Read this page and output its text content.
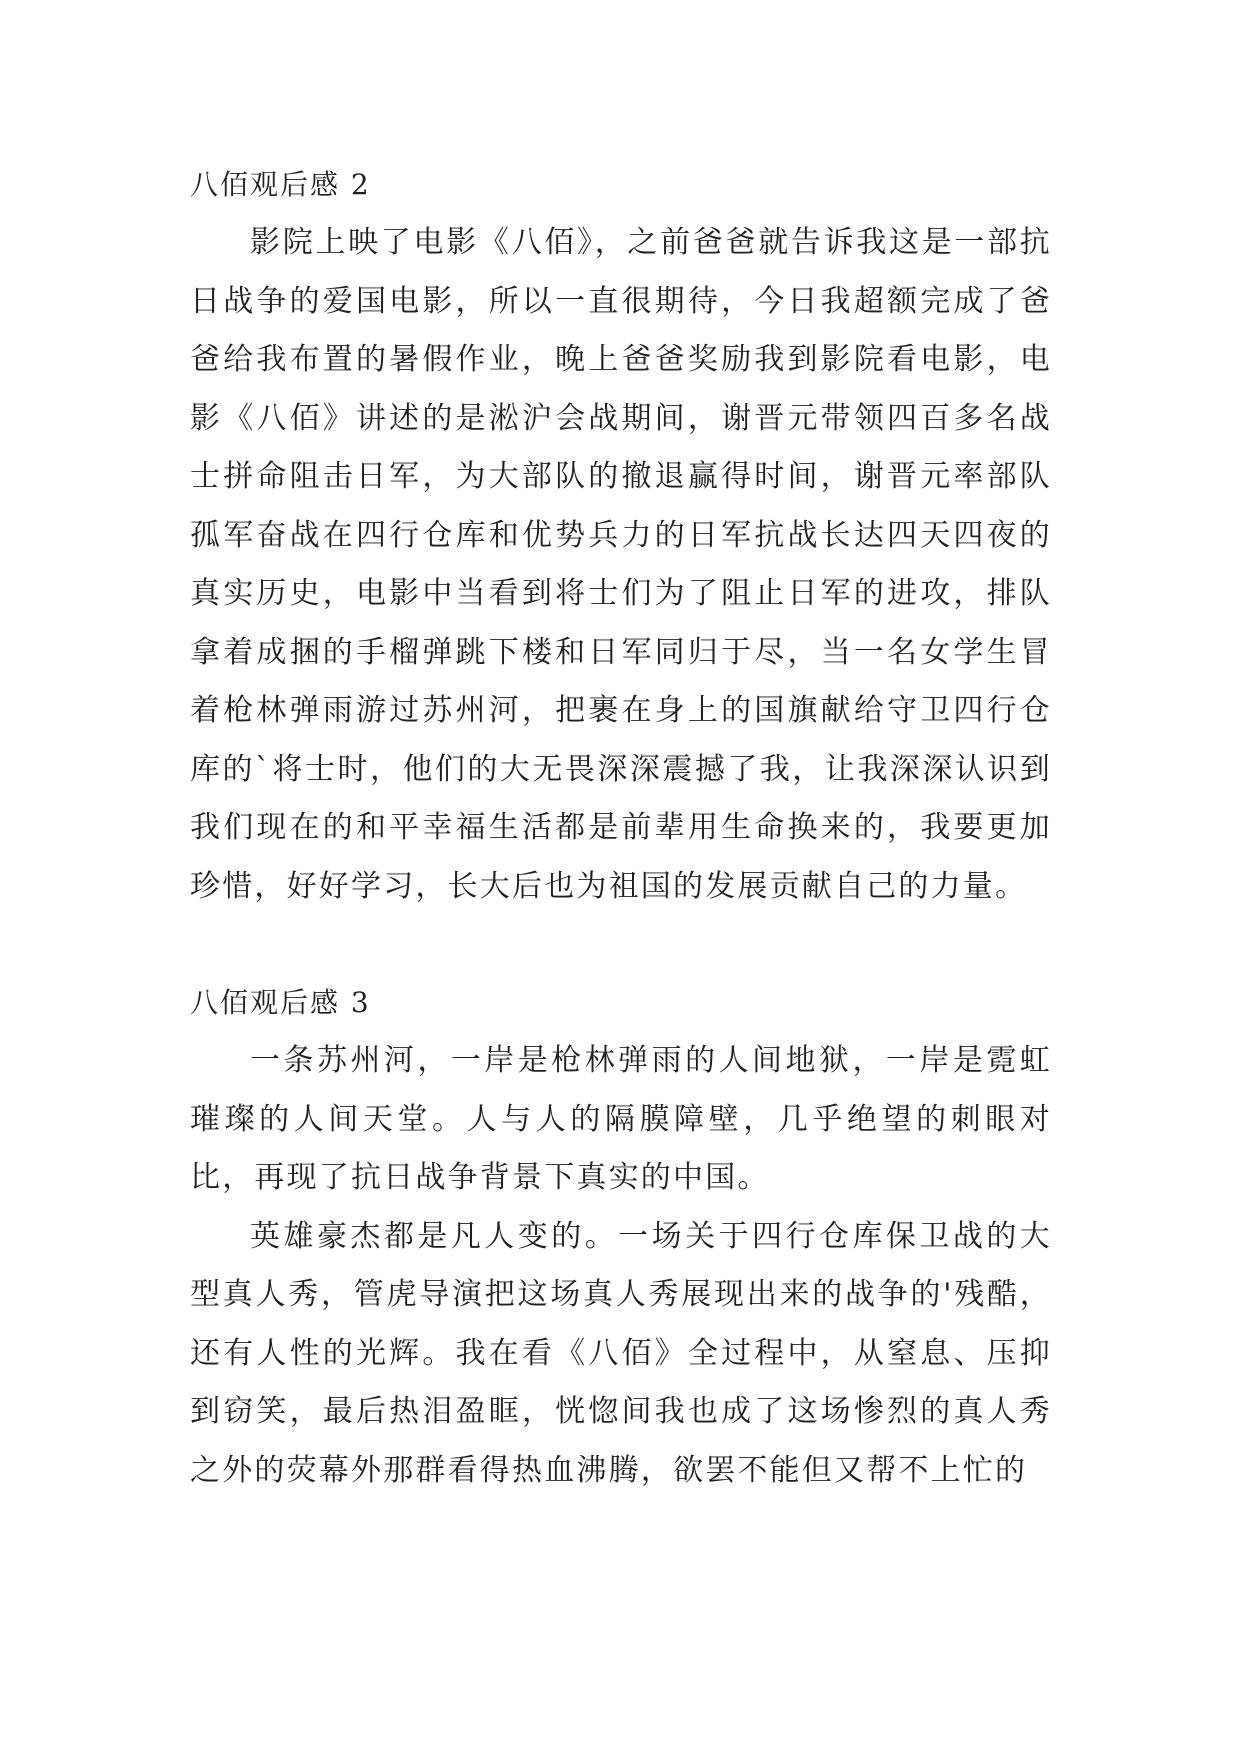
八佰观后感 2

影院上映了电影《八佰》，之前爸爸就告诉我这是一部抗日战争的爱国电影，所以一直很期待，今日我超额完成了爸爸给我布置的暑假作业，晚上爸爸奖励我到影院看电影，电影《八佰》讲述的是淞沪会战期间，谢晋元带领四百多名战士拼命阻击日军，为大部队的撤退赢得时间，谢晋元率部队孤军奋战在四行仓库和优势兵力的日军抗战长达四天四夜的真实历史，电影中当看到将士们为了阻止日军的进攻，排队拿着成捆的手榴弹跳下楼和日军同归于尽，当一名女学生冒着枪林弹雨游过苏州河，把裹在身上的国旗献给守卫四行仓库的`将士时，他们的大无畏深深震撼了我，让我深深认识到我们现在的和平幸福生活都是前辈用生命换来的，我要更加珍惜，好好学习，长大后也为祖国的发展贡献自己的力量。

八佰观后感 3

一条苏州河，一岸是枪林弹雨的人间地狱，一岸是霓虹璀璨的人间天堂。人与人的隔膜障壁，几乎绝望的刺眼对比，再现了抗日战争背景下真实的中国。

英雄豪杰都是凡人变的。一场关于四行仓库保卫战的大型真人秀，管虎导演把这场真人秀展现出来的战争的'残酷，还有人性的光辉。我在看《八佰》全过程中，从窒息、压抑到窃笑，最后热泪盈眶，恍惚间我也成了这场惨烈的真人秀之外的荧幕外那群看得热血沸腾，欲罢不能但又帮不上忙的
